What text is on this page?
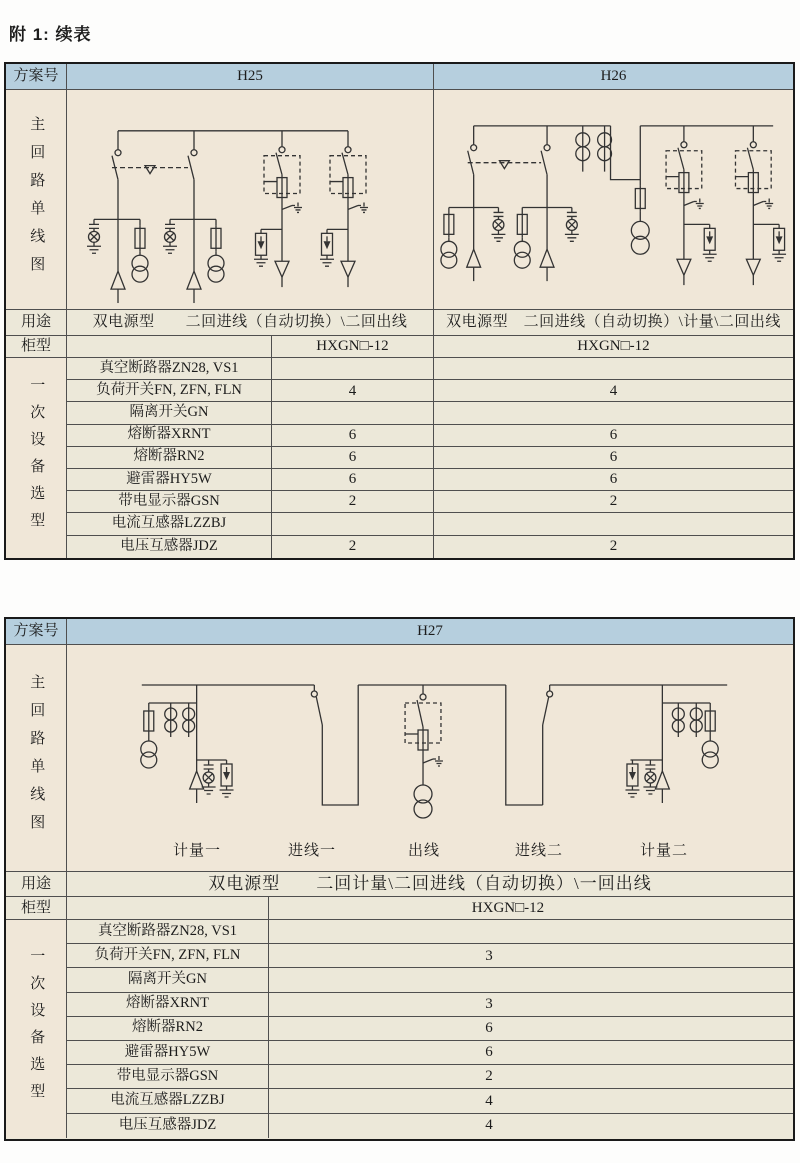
附 1: 续表
方案号	H25	H26
主回路单线图
用途	双电源型　　二回进线（自动切换）\二回出线	双电源型　二回进线（自动切换）\计量\二回出线
柜型	HXGN□-12	HXGN□-12
一次设备选型
真空断路器ZN28, VS1
负荷开关FN, ZFN, FLN	4	4
隔离开关GN
熔断器XRNT	6	6
熔断器RN2	6	6
避雷器HY5W	6	6
带电显示器GSN	2	2
电流互感器LZZBJ
电压互感器JDZ	2	2
方案号	H27
主回路单线图
计量一	进线一	出线	进线二	计量二
用途	双电源型　　二回计量\二回进线（自动切换）\一回出线
柜型	HXGN□-12
一次设备选型
真空断路器ZN28, VS1
负荷开关FN, ZFN, FLN	3
隔离开关GN
熔断器XRNT	3
熔断器RN2	6
避雷器HY5W	6
带电显示器GSN	2
电流互感器LZZBJ	4
电压互感器JDZ	4
